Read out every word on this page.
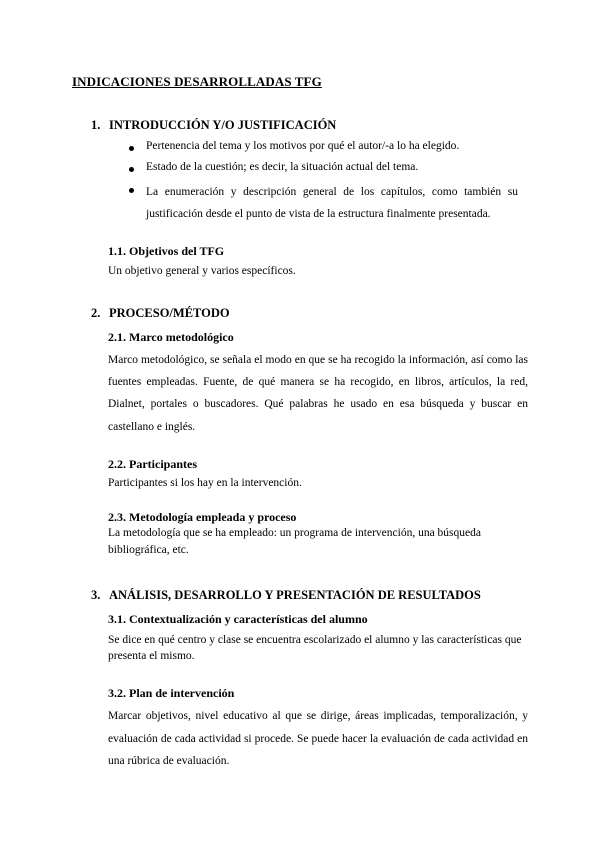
INDICACIONES DESARROLLADAS TFG
1. INTRODUCCIÓN Y/O JUSTIFICACIÓN
Pertenencia del tema y los motivos por qué el autor/-a lo ha elegido.
Estado de la cuestión; es decir, la situación actual del tema.
La enumeración y descripción general de los capítulos, como también su justificación desde el punto de vista de la estructura finalmente presentada.
1.1. Objetivos del TFG
Un objetivo general y varios específicos.
2. PROCESO/MÉTODO
2.1. Marco metodológico
Marco metodológico, se señala el modo en que se ha recogido la información, así como las fuentes empleadas. Fuente, de qué manera se ha recogido, en libros, artículos, la red, Dialnet, portales o buscadores. Qué palabras he usado en esa búsqueda y buscar en castellano e inglés.
2.2. Participantes
Participantes si los hay en la intervención.
2.3. Metodología empleada y proceso
La metodología que se ha empleado: un programa de intervención, una búsqueda bibliográfica, etc.
3. ANÁLISIS, DESARROLLO Y PRESENTACIÓN DE RESULTADOS
3.1. Contextualización y características del alumno
Se dice en qué centro y clase se encuentra escolarizado el alumno y las características que presenta el mismo.
3.2. Plan de intervención
Marcar objetivos, nivel educativo al que se dirige, áreas implicadas, temporalización, y evaluación de cada actividad si procede. Se puede hacer la evaluación de cada actividad en una rúbrica de evaluación.
